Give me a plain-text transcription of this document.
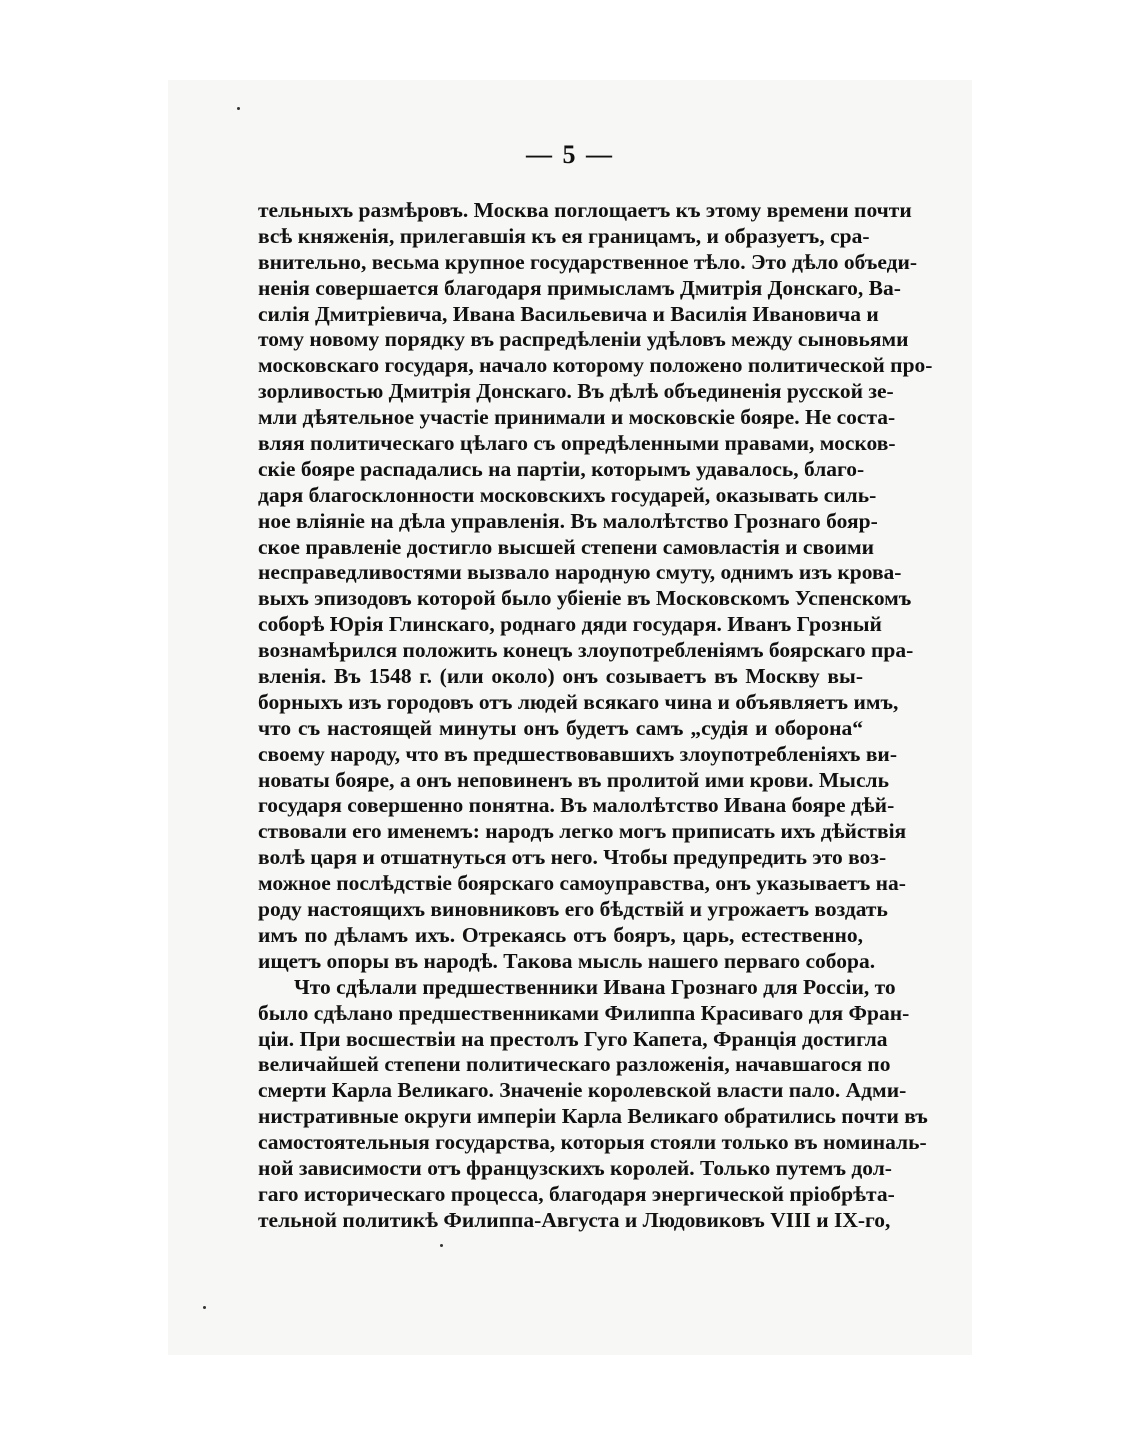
— 5 —
тельныхъ размѣровъ. Москва поглощаетъ къ этому времени почти
всѣ княженія, прилегавшія къ ея границамъ, и образуетъ, сра-
внительно, весьма крупное государственное тѣло. Это дѣло объеди-
ненія совершается благодаря примысламъ Дмитрія Донскаго, Ва-
силія Дмитріевича, Ивана Васильевича и Василія Ивановича и
тому новому порядку въ распредѣленіи удѣловъ между сыновьями
московскаго государя, начало которому положено политической про-
зорливостью Дмитрія Донскаго. Въ дѣлѣ объединенія русской зе-
мли дѣятельное участіе принимали и московскіе бояре. Не соста-
вляя политическаго цѣлаго съ опредѣленными правами, москов-
скіе бояре распадались на партіи, которымъ удавалось, благо-
даря благосклонности московскихъ государей, оказывать силь-
ное вліяніе на дѣла управленія. Въ малолѣтство Грознаго бояр-
ское правленіе достигло высшей степени самовластія и своими
несправедливостями вызвало народную смуту, однимъ изъ крова-
выхъ эпизодовъ которой было убіеніе въ Московскомъ Успенскомъ
соборѣ Юрія Глинскаго, роднаго дяди государя. Иванъ Грозный
вознамѣрился положить конецъ злоупотребленіямъ боярскаго пра-
вленія. Въ 1548 г. (или около) онъ созываетъ въ Москву вы-
борныхъ изъ городовъ отъ людей всякаго чина и объявляетъ имъ,
что съ настоящей минуты онъ будетъ самъ „судія и оборона“
своему народу, что въ предшествовавшихъ злоупотребленіяхъ ви-
новаты бояре, а онъ неповиненъ въ пролитой ими крови. Мысль
государя совершенно понятна. Въ малолѣтство Ивана бояре дѣй-
ствовали его именемъ: народъ легко могъ приписать ихъ дѣйствія
волѣ царя и отшатнуться отъ него. Чтобы предупредить это воз-
можное послѣдствіе боярскаго самоуправства, онъ указываетъ на-
роду настоящихъ виновниковъ его бѣдствій и угрожаетъ воздать
имъ по дѣламъ ихъ. Отрекаясь отъ бояръ, царь, естественно,
ищетъ опоры въ народѣ. Такова мысль нашего перваго собора.
Что сдѣлали предшественники Ивана Грознаго для Россіи, то
было сдѣлано предшественниками Филиппа Красиваго для Фран-
ціи. При восшествіи на престолъ Гуго Капета, Франція достигла
величайшей степени политическаго разложенія, начавшагося по
смерти Карла Великаго. Значеніе королевской власти пало. Адми-
нистративные округи имперіи Карла Великаго обратились почти въ
самостоятельныя государства, которыя стояли только въ номиналь-
ной зависимости отъ французскихъ королей. Только путемъ дол-
гаго историческаго процесса, благодаря энергической пріобрѣта-
тельной политикѣ Филиппа-Августа и Людовиковъ VIII и IX-го,
